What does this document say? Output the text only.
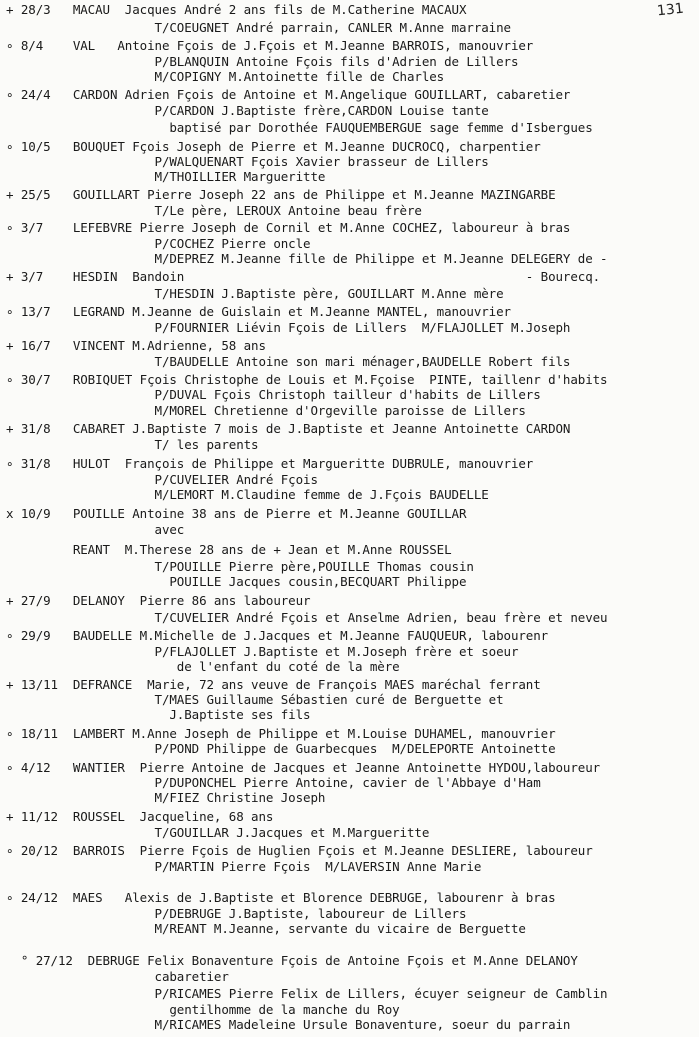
131
+ 28/3   MACAU  Jacques André 2 ans fils de M.Catherine MACAUX
T/COEUGNET André parrain, CANLER M.Anne marraine
∘ 8/4    VAL   Antoine Fçois de J.Fçois et M.Jeanne BARROIS, manouvrier
P/BLANQUIN Antoine Fçois fils d'Adrien de Lillers
M/COPIGNY M.Antoinette fille de Charles
∘ 24/4   CARDON Adrien Fçois de Antoine et M.Angelique GOUILLART, cabaretier
P/CARDON J.Baptiste frère,CARDON Louise tante
baptisé par Dorothée FAUQUEMBERGUE sage femme d'Isbergues
∘ 10/5   BOUQUET Fçois Joseph de Pierre et M.Jeanne DUCROCQ, charpentier
P/WALQUENART Fçois Xavier brasseur de Lillers
M/THOILLIER Margueritte
+ 25/5   GOUILLART Pierre Joseph 22 ans de Philippe et M.Jeanne MAZINGARBE
T/Le père, LEROUX Antoine beau frère
∘ 3/7    LEFEBVRE Pierre Joseph de Cornil et M.Anne COCHEZ, laboureur à bras
P/COCHEZ Pierre oncle
M/DEPREZ M.Jeanne fille de Philippe et M.Jeanne DELEGERY de -
+ 3/7    HESDIN  Bandoin                                              - Bourecq.
T/HESDIN J.Baptiste père, GOUILLART M.Anne mère
∘ 13/7   LEGRAND M.Jeanne de Guislain et M.Jeanne MANTEL, manouvrier
P/FOURNIER Liévin Fçois de Lillers  M/FLAJOLLET M.Joseph
+ 16/7   VINCENT M.Adrienne, 58 ans
T/BAUDELLE Antoine son mari ménager,BAUDELLE Robert fils
∘ 30/7   ROBIQUET Fçois Christophe de Louis et M.Fçoise  PINTE, taillenr d'habits
P/DUVAL Fçois Christoph tailleur d'habits de Lillers
M/MOREL Chretienne d'Orgeville paroisse de Lillers
+ 31/8   CABARET J.Baptiste 7 mois de J.Baptiste et Jeanne Antoinette CARDON
T/ les parents
∘ 31/8   HULOT  François de Philippe et Margueritte DUBRULE, manouvrier
P/CUVELIER André Fçois
M/LEMORT M.Claudine femme de J.Fçois BAUDELLE
x 10/9   POUILLE Antoine 38 ans de Pierre et M.Jeanne GOUILLAR
avec
REANT  M.Therese 28 ans de + Jean et M.Anne ROUSSEL
T/POUILLE Pierre père,POUILLE Thomas cousin
POUILLE Jacques cousin,BECQUART Philippe
+ 27/9   DELANOY  Pierre 86 ans laboureur
T/CUVELIER André Fçois et Anselme Adrien, beau frère et neveu
∘ 29/9   BAUDELLE M.Michelle de J.Jacques et M.Jeanne FAUQUEUR, labourenr
P/FLAJOLLET J.Baptiste et M.Joseph frère et soeur
de l'enfant du coté de la mère
+ 13/11  DEFRANCE  Marie, 72 ans veuve de François MAES maréchal ferrant
T/MAES Guillaume Sébastien curé de Berguette et
J.Baptiste ses fils
∘ 18/11  LAMBERT M.Anne Joseph de Philippe et M.Louise DUHAMEL, manouvrier
P/POND Philippe de Guarbecques  M/DELEPORTE Antoinette
∘ 4/12   WANTIER  Pierre Antoine de Jacques et Jeanne Antoinette HYDOU,laboureur
P/DUPONCHEL Pierre Antoine, cavier de l'Abbaye d'Ham
M/FIEZ Christine Joseph
+ 11/12  ROUSSEL  Jacqueline, 68 ans
T/GOUILLAR J.Jacques et M.Margueritte
∘ 20/12  BARROIS  Pierre Fçois de Huglien Fçois et M.Jeanne DESLIERE, laboureur
P/MARTIN Pierre Fçois  M/LAVERSIN Anne Marie
∘ 24/12  MAES   Alexis de J.Baptiste et Blorence DEBRUGE, labourenr à bras
P/DEBRUGE J.Baptiste, laboureur de Lillers
M/REANT M.Jeanne, servante du vicaire de Berguette
° 27/12  DEBRUGE Felix Bonaventure Fçois de Antoine Fçois et M.Anne DELANOY
cabaretier
P/RICAMES Pierre Felix de Lillers, écuyer seigneur de Camblin
gentilhomme de la manche du Roy
M/RICAMES Madeleine Ursule Bonaventure, soeur du parrain
